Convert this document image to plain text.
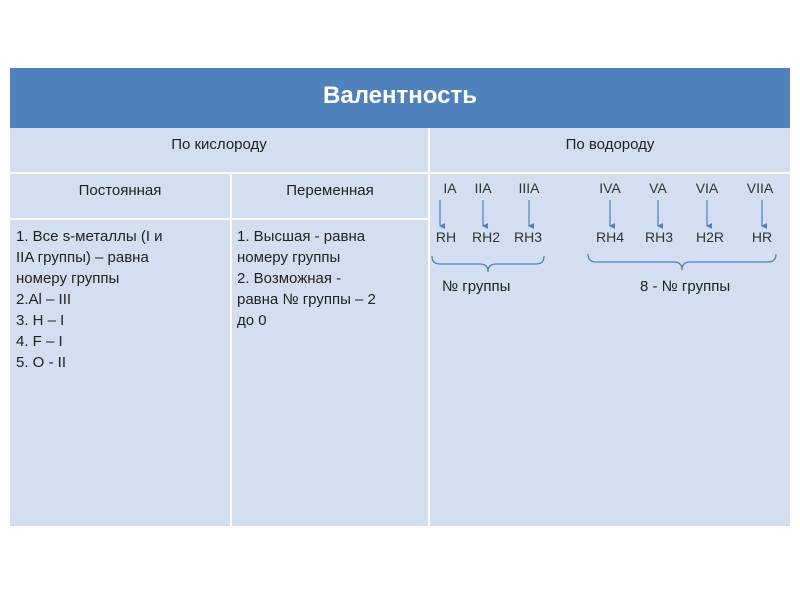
Валентность
По кислороду	По водороду
Постоянная	Переменная
1. Все s-металлы (I и
IIA группы) – равна
номеру группы
2.Al – III
3. H – I
4. F – I
5. O - II
1. Высшая - равна
номеру группы
2. Возможная -
равна № группы – 2
до 0
IA	IIA	IIIA	IVA	VA	VIA	VIIA
RH	RH2 RH3	RH4	RH3	H2R	HR
№ группы	8 - № группы
